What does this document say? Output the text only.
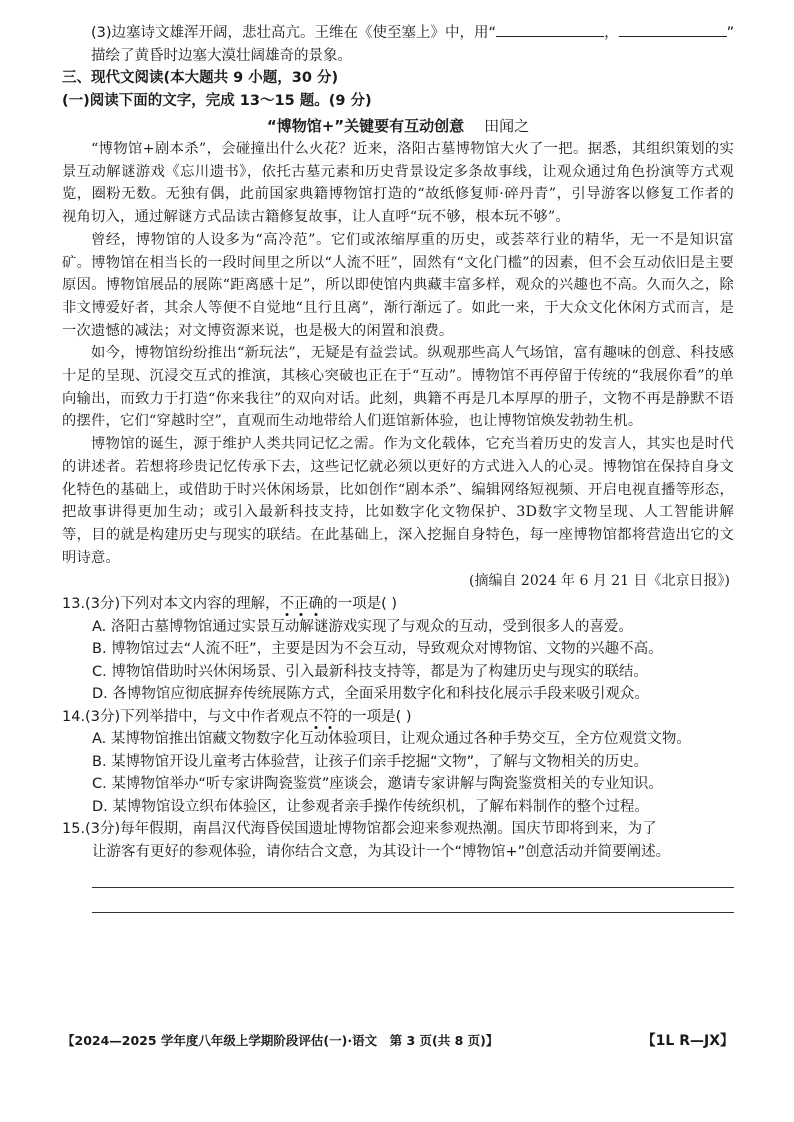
(3)边塞诗文雄浑开阔，悲壮高亢。王维在《使至塞上》中，用“	，	”
描绘了黄昏时边塞大漠壮阔雄奇的景象。
三、现代文阅读(本大题共 9 小题，30 分)
(一)阅读下面的文字，完成 13～15 题。(9 分)
“博物馆+”关键要有互动创意 田闻之
“博物馆+剧本杀”，会碰撞出什么火花？近来，洛阳古墓博物馆大火了一把。据悉，其组织策划的实景互动解谜游戏《忘川遗书》，依托古墓元素和历史背景设定多条故事线，让观众通过角色扮演等方式观览，圈粉无数。无独有偶，此前国家典籍博物馆打造的“故纸修复师·碎丹青”，引导游客以修复工作者的视角切入，通过解谜方式品读古籍修复故事，让人直呼“玩不够，根本玩不够”。
曾经，博物馆的人设多为“高冷范”。它们或浓缩厚重的历史，或荟萃行业的精华，无一不是知识富矿。博物馆在相当长的一段时间里之所以“人流不旺”，固然有“文化门槛”的因素，但不会互动依旧是主要原因。博物馆展品的展陈“距离感十足”，所以即使馆内典藏丰富多样，观众的兴趣也不高。久而久之，除非文博爱好者，其余人等便不自觉地“且行且离”，渐行渐远了。如此一来，于大众文化休闲方式而言，是一次遗憾的减法；对文博资源来说，也是极大的闲置和浪费。
如今，博物馆纷纷推出“新玩法”，无疑是有益尝试。纵观那些高人气场馆，富有趣味的创意、科技感十足的呈现、沉浸交互式的推演，其核心突破也正在于“互动”。博物馆不再停留于传统的“我展你看”的单向输出，而致力于打造“你来我往”的双向对话。此刻，典籍不再是几本厚厚的册子，文物不再是静默不语的摆件，它们“穿越时空”，直观而生动地带给人们逛馆新体验，也让博物馆焕发勃勃生机。
博物馆的诞生，源于维护人类共同记忆之需。作为文化载体，它充当着历史的发言人，其实也是时代的讲述者。若想将珍贵记忆传承下去，这些记忆就必须以更好的方式进入人的心灵。博物馆在保持自身文化特色的基础上，或借助于时兴休闲场景，比如创作“剧本杀”、编辑网络短视频、开启电视直播等形态，把故事讲得更加生动；或引入最新科技支持，比如数字化文物保护、3D数字文物呈现、人工智能讲解等，目的就是构建历史与现实的联结。在此基础上，深入挖掘自身特色，每一座博物馆都将营造出它的文明诗意。
(摘编自 2024 年 6 月 21 日《北京日报》)
13.(3分)下列对本文内容的理解，不正确的一项是( )
A. 洛阳古墓博物馆通过实景互动解谜游戏实现了与观众的互动，受到很多人的喜爱。
B. 博物馆过去“人流不旺”，主要是因为不会互动，导致观众对博物馆、文物的兴趣不高。
C. 博物馆借助时兴休闲场景、引入最新科技支持等，都是为了构建历史与现实的联结。
D. 各博物馆应彻底摒弃传统展陈方式，全面采用数字化和科技化展示手段来吸引观众。
14.(3分)下列举措中，与文中作者观点不符的一项是( )
A. 某博物馆推出馆藏文物数字化互动体验项目，让观众通过各种手势交互，全方位观赏文物。
B. 某博物馆开设儿童考古体验营，让孩子们亲手挖掘“文物”，了解与文物相关的历史。
C. 某博物馆举办“听专家讲陶瓷鉴赏”座谈会，邀请专家讲解与陶瓷鉴赏相关的专业知识。
D. 某博物馆设立织布体验区，让参观者亲手操作传统织机，了解布料制作的整个过程。
15.(3分)每年假期，南昌汉代海昏侯国遗址博物馆都会迎来参观热潮。国庆节即将到来，为了
让游客有更好的参观体验，请你结合文意，为其设计一个“博物馆+”创意活动并简要阐述。
【2024—2025 学年度八年级上学期阶段评估(一)·语文　第 3 页(共 8 页)】	【1L R—JX】
